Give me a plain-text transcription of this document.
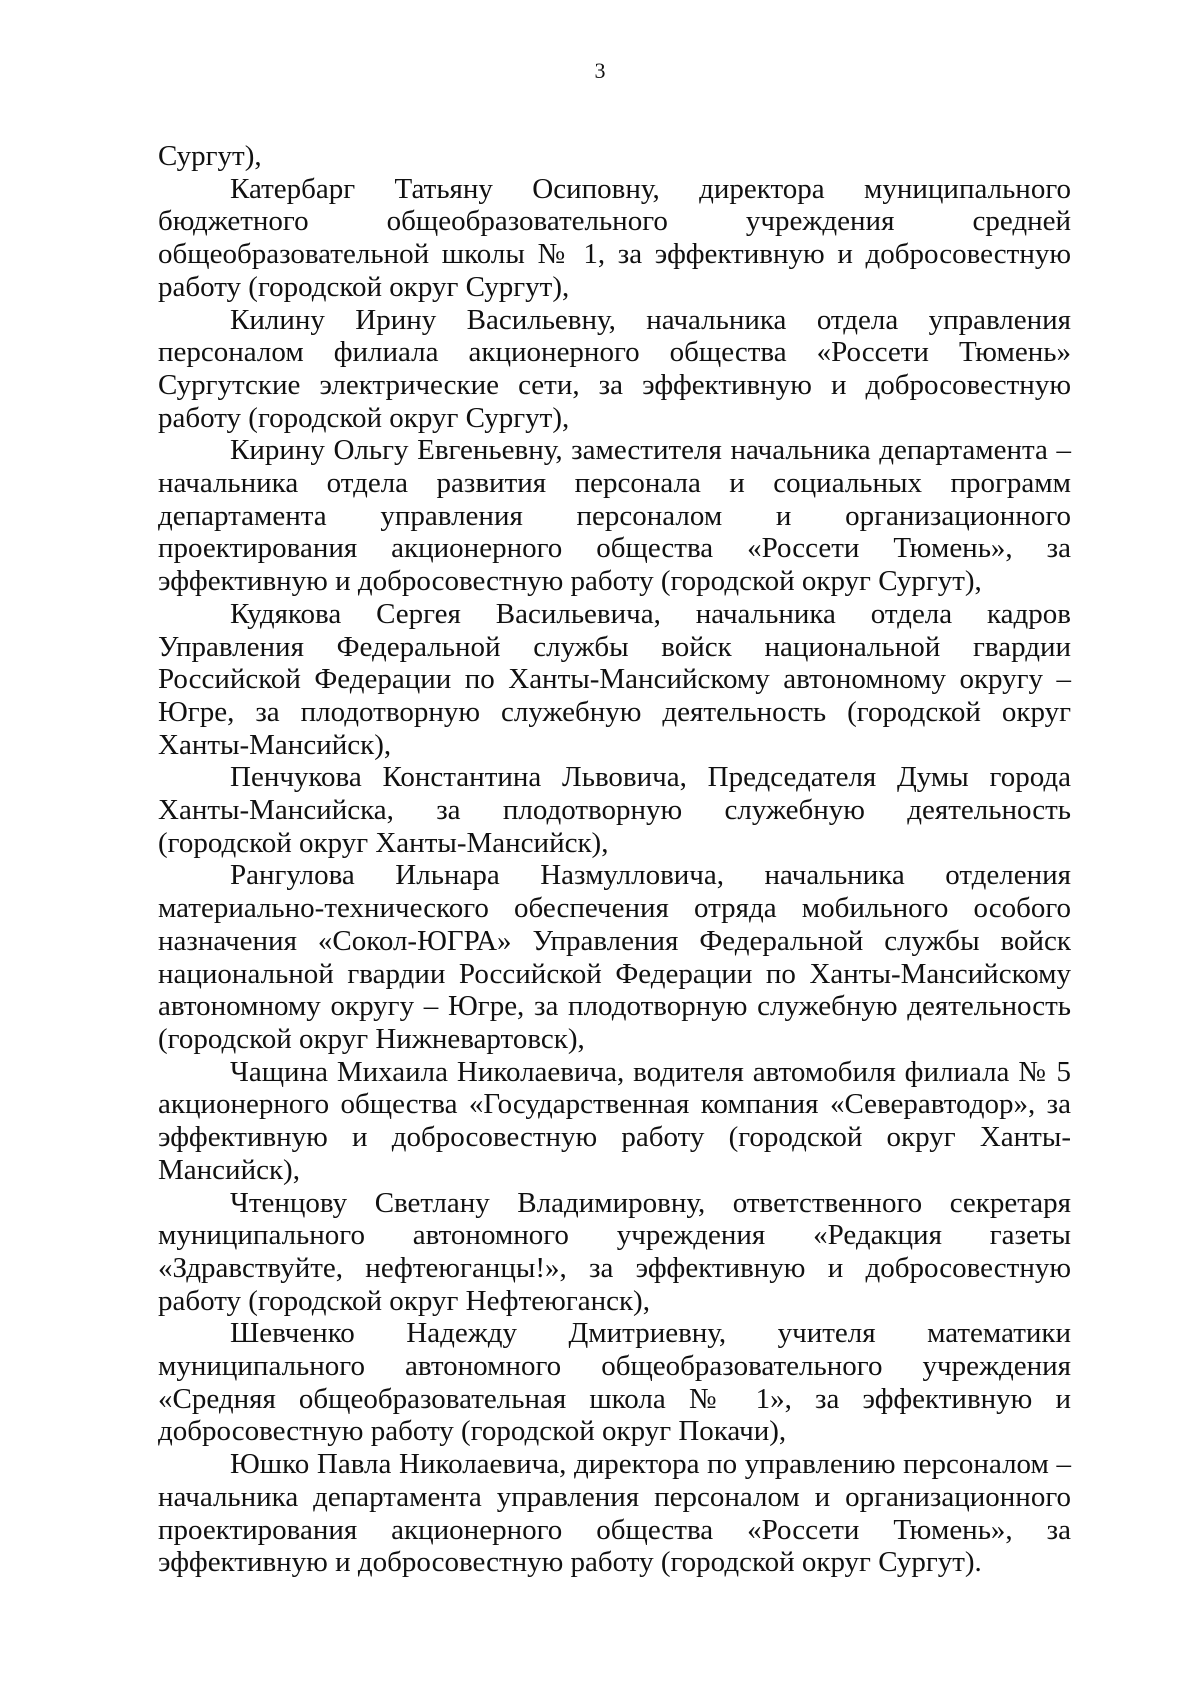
3

Сургут),

Катербарг Татьяну Осиповну, директора муниципального бюджетного общеобразовательного учреждения средней общеобразовательной школы № 1, за эффективную и добросовестную работу (городской округ Сургут),

Килину Ирину Васильевну, начальника отдела управления персоналом филиала акционерного общества «Россети Тюмень» Сургутские электрические сети, за эффективную и добросовестную работу (городской округ Сургут),

Кирину Ольгу Евгеньевну, заместителя начальника департамента – начальника отдела развития персонала и социальных программ департамента управления персоналом и организационного проектирования акционерного общества «Россети Тюмень», за эффективную и добросовестную работу (городской округ Сургут),

Кудякова Сергея Васильевича, начальника отдела кадров Управления Федеральной службы войск национальной гвардии Российской Федерации по Ханты-Мансийскому автономному округу – Югре, за плодотворную служебную деятельность (городской округ Ханты-Мансийск),

Пенчукова Константина Львовича, Председателя Думы города Ханты-Мансийска, за плодотворную служебную деятельность (городской округ Ханты-Мансийск),

Рангулова Ильнара Назмулловича, начальника отделения материально-технического обеспечения отряда мобильного особого назначения «Сокол-ЮГРА» Управления Федеральной службы войск национальной гвардии Российской Федерации по Ханты-Мансийскому автономному округу – Югре, за плодотворную служебную деятельность (городской округ Нижневартовск),

Чащина Михаила Николаевича, водителя автомобиля филиала № 5 акционерного общества «Государственная компания «Северавтодор», за эффективную и добросовестную работу (городской округ Ханты-Мансийск),

Чтенцову Светлану Владимировну, ответственного секретаря муниципального автономного учреждения «Редакция газеты «Здравствуйте, нефтеюганцы!», за эффективную и добросовестную работу (городской округ Нефтеюганск),

Шевченко Надежду Дмитриевну, учителя математики муниципального автономного общеобразовательного учреждения «Средняя общеобразовательная школа № 1», за эффективную и добросовестную работу (городской округ Покачи),

Юшко Павла Николаевича, директора по управлению персоналом – начальника департамента управления персоналом и организационного проектирования акционерного общества «Россети Тюмень», за эффективную и добросовестную работу (городской округ Сургут).
